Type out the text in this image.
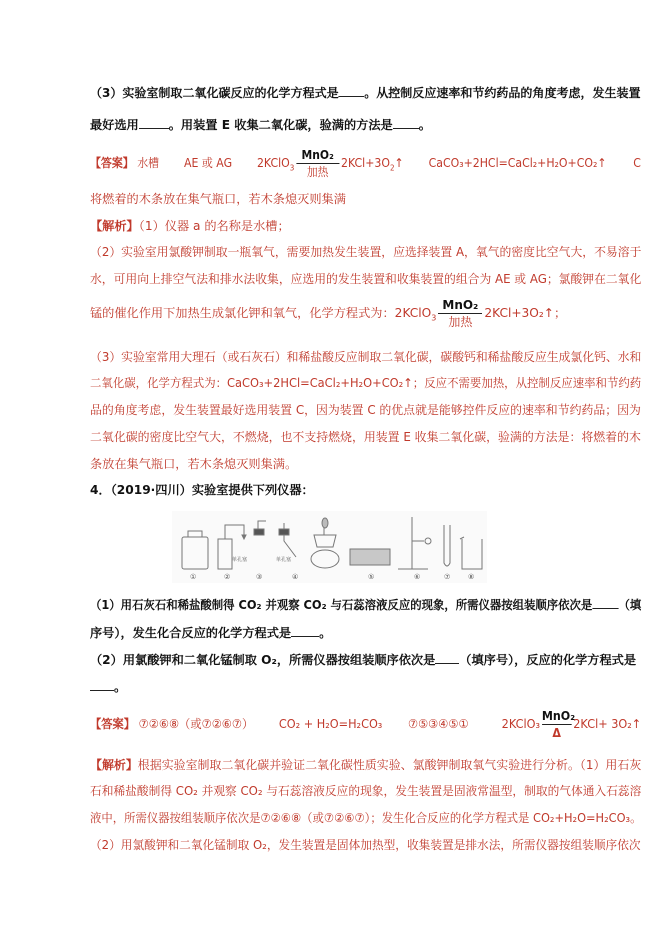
（3）实验室制取二氧化碳反应的化学方程式是 。从控制反应速率和节约药品的角度考虑，发生装置
最好选用 。用装置 E 收集二氧化碳，验满的方法是 。
【答案】 水槽 AE 或 AG 2KClO$_3$ $\frac{\text{MnO₂}}{\text{加热}}$ $2KCl+3O_2↑$  CaCO₃+2HCl=CaCl₂+H₂O+CO₂↑ C
将燃着的木条放在集气瓶口，若木条熄灭则集满
【解析】（1）仪器 a 的名称是水槽；
（2）实验室用氯酸钾制取一瓶氧气，需要加热发生装置，应选择装置 A，氧气的密度比空气大，不易溶于
水，可用向上排空气法和排水法收集，应选用的发生装置和收集装置的组合为 AE 或 AG；氯酸钾在二氧化
锰的催化作用下加热生成氯化钾和氧气，化学方程式为：2KClO$_3$ $\frac{\text{MnO₂}}{\text{加热}}$ 2KCl+3O₂↑；
（3）实验室常用大理石（或石灰石）和稀盐酸反应制取二氧化碳，碳酸钙和稀盐酸反应生成氯化钙、水和
二氧化碳，化学方程式为：CaCO₃+2HCl=CaCl₂+H₂O+CO₂↑；反应不需要加热，从控制反应速率和节约药
品的角度考虑，发生装置最好选用装置 C，因为装置 C 的优点就是能够控件反应的速率和节约药品；因为
二氧化碳的密度比空气大，不燃烧，也不支持燃烧，用装置 E 收集二氧化碳，验满的方法是：将燃着的木
条放在集气瓶口，若木条熄灭则集满。
4．（2019·四川）实验室提供下列仪器：
单孔塞	单孔塞
①	②	③	④	⑤	⑥	⑦	⑧
（1）用石灰石和稀盐酸制得 CO₂ 并观察 CO₂ 与石蕊溶液反应的现象，所需仪器按组装顺序依次是 （填
序号），发生化合反应的化学方程式是 。
（2）用氯酸钾和二氧化锰制取 O₂，所需仪器按组装顺序依次是 （填序号），反应的化学方程式是
。
【答案】 ⑦②⑥⑧（或⑦②⑥⑦） CO₂ + H₂O=H₂CO₃ ⑦⑤③④⑤①	2KClO₃ $\frac{\text{MnO₂}}{\Delta} 2KCl+$ 3O₂↑
【解析】根据实验室制取二氧化碳并验证二氧化碳性质实验、氯酸钾制取氧气实验进行分析。（1）用石灰
石和稀盐酸制得 CO₂ 并观察 CO₂ 与石蕊溶液反应的现象，发生装置是固液常温型，制取的气体通入石蕊溶
液中，所需仪器按组装顺序依次是⑦②⑥⑧（或⑦②⑥⑦）；发生化合反应的化学方程式是 CO₂+H₂O=H₂CO₃。
（2）用氯酸钾和二氧化锰制取 O₂，发生装置是固体加热型，收集装置是排水法，所需仪器按组装顺序依次
